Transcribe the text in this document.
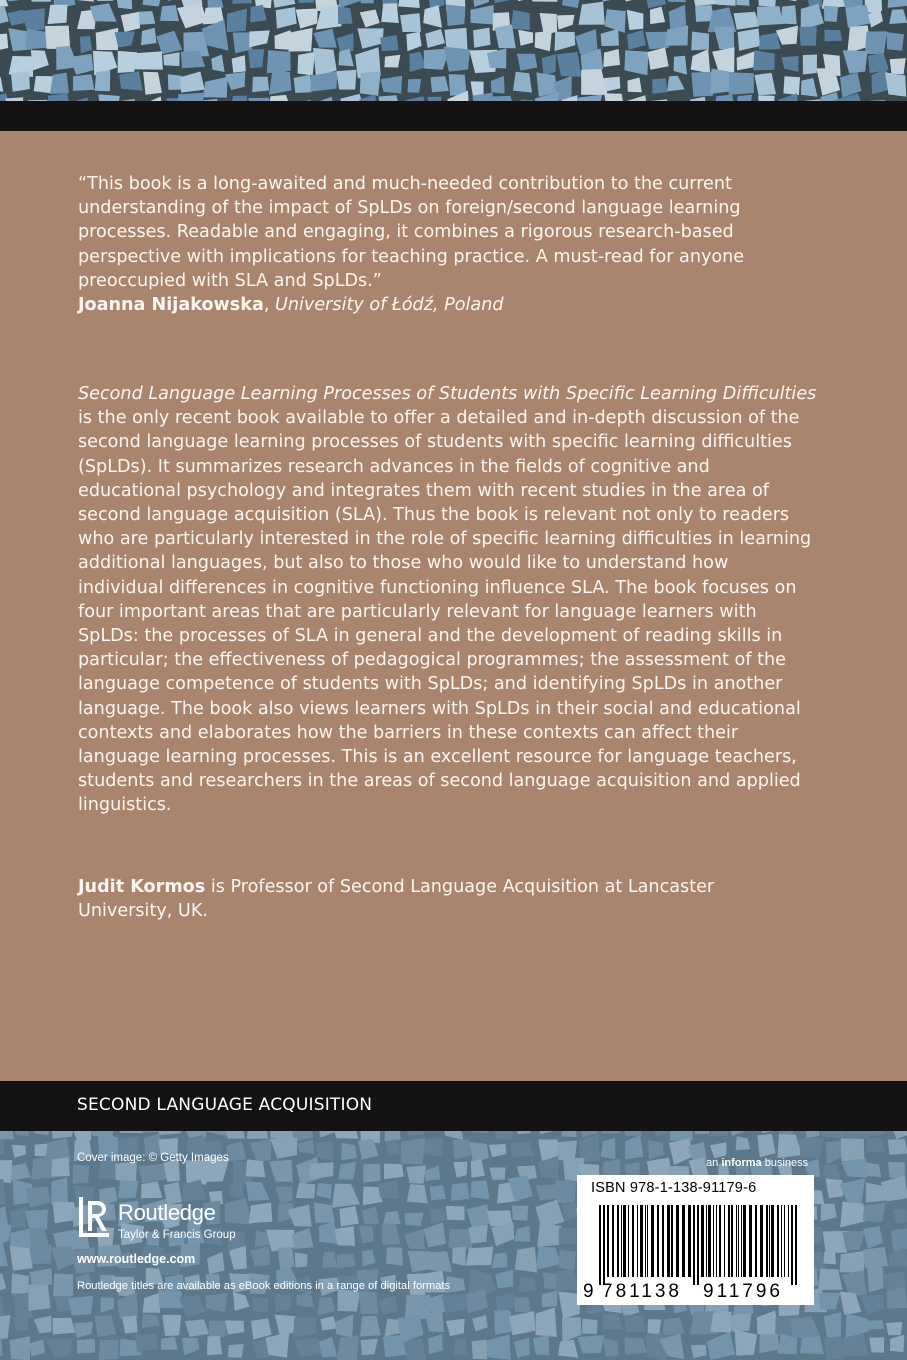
“This book is a long-awaited and much-needed contribution to the current understanding of the impact of SpLDs on foreign/second language learning processes. Readable and engaging, it combines a rigorous research-based perspective with implications for teaching practice. A must-read for anyone preoccupied with SLA and SpLDs.”
Joanna Nijakowska, University of Łódź, Poland

Second Language Learning Processes of Students with Specific Learning Difficulties
is the only recent book available to offer a detailed and in-depth discussion of the second language learning processes of students with specific learning difficulties (SpLDs). It summarizes research advances in the fields of cognitive and educational psychology and integrates them with recent studies in the area of second language acquisition (SLA). Thus the book is relevant not only to readers who are particularly interested in the role of specific learning difficulties in learning additional languages, but also to those who would like to understand how individual differences in cognitive functioning influence SLA. The book focuses on four important areas that are particularly relevant for language learners with SpLDs: the processes of SLA in general and the development of reading skills in particular; the effectiveness of pedagogical programmes; the assessment of the language competence of students with SpLDs; and identifying SpLDs in another language. The book also views learners with SpLDs in their social and educational contexts and elaborates how the barriers in these contexts can affect their language learning processes. This is an excellent resource for language teachers, students and researchers in the areas of second language acquisition and applied linguistics.

Judit Kormos is Professor of Second Language Acquisition at Lancaster University, UK.

SECOND LANGUAGE ACQUISITION
Cover image: © Getty Images	an informa business
Routledge
Taylor & Francis Group
www.routledge.com
Routledge titles are available as eBook editions in a range of digital formats
ISBN 978-1-138-91179-6
9 781138 911796
